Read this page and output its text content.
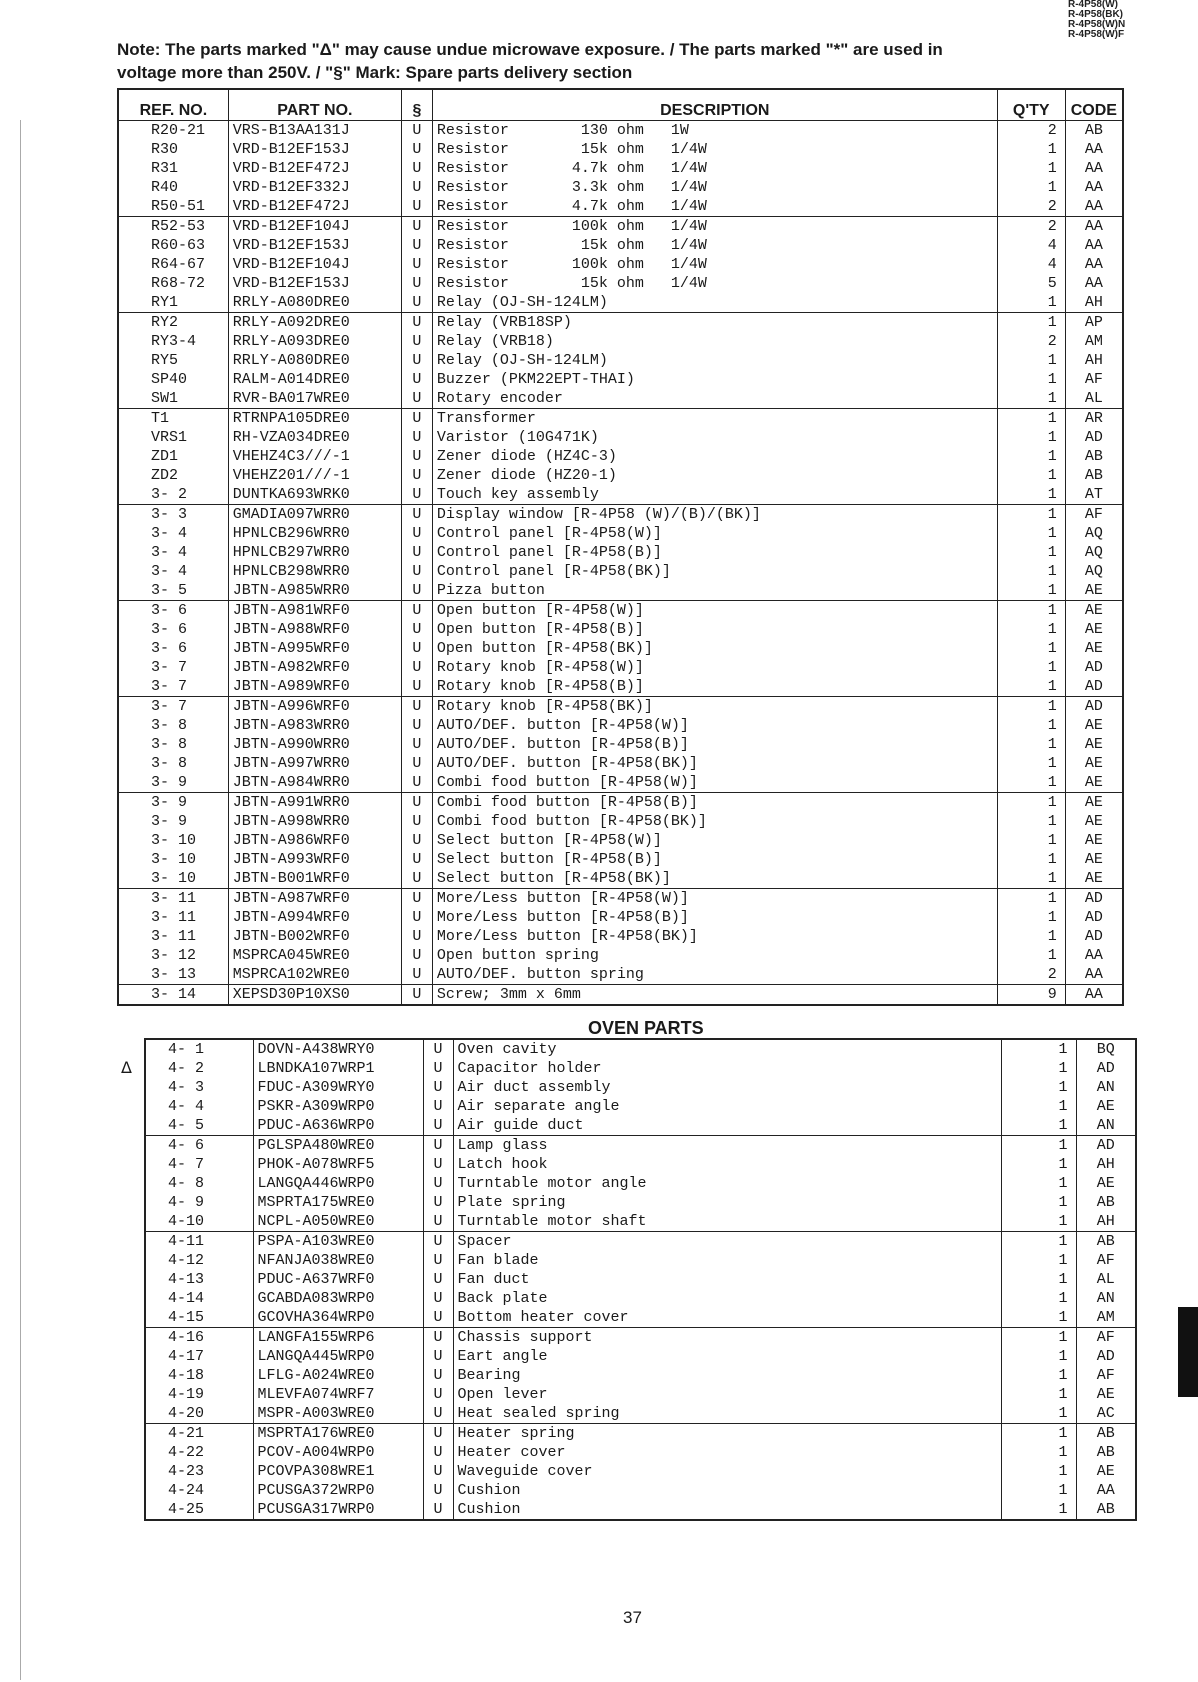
R-4P58(W)
R-4P58(BK)
R-4P58(W)N
R-4P58(W)F
Note: The parts marked "Δ" may cause undue microwave exposure. / The parts marked "*" are used in
voltage more than 250V. / "§" Mark: Spare parts delivery section
REF. NO.	PART NO.	§	DESCRIPTION	Q'TY	CODE
R20-21	VRS-B13AA131J	U	Resistor        130 ohm   1W	2	AB
R30	VRD-B12EF153J	U	Resistor        15k ohm   1/4W	1	AA
R31	VRD-B12EF472J	U	Resistor       4.7k ohm   1/4W	1	AA
R40	VRD-B12EF332J	U	Resistor       3.3k ohm   1/4W	1	AA
R50-51	VRD-B12EF472J	U	Resistor       4.7k ohm   1/4W	2	AA
R52-53	VRD-B12EF104J	U	Resistor       100k ohm   1/4W	2	AA
R60-63	VRD-B12EF153J	U	Resistor        15k ohm   1/4W	4	AA
R64-67	VRD-B12EF104J	U	Resistor       100k ohm   1/4W	4	AA
R68-72	VRD-B12EF153J	U	Resistor        15k ohm   1/4W	5	AA
RY1	RRLY-A080DRE0	U	Relay (OJ-SH-124LM)	1	AH
RY2	RRLY-A092DRE0	U	Relay (VRB18SP)	1	AP
RY3-4	RRLY-A093DRE0	U	Relay (VRB18)	2	AM
RY5	RRLY-A080DRE0	U	Relay (OJ-SH-124LM)	1	AH
SP40	RALM-A014DRE0	U	Buzzer (PKM22EPT-THAI)	1	AF
SW1	RVR-BA017WRE0	U	Rotary encoder	1	AL
T1	RTRNPA105DRE0	U	Transformer	1	AR
VRS1	RH-VZA034DRE0	U	Varistor (10G471K)	1	AD
ZD1	VHEHZ4C3///-1	U	Zener diode (HZ4C-3)	1	AB
ZD2	VHEHZ201///-1	U	Zener diode (HZ20-1)	1	AB
3- 2	DUNTKA693WRK0	U	Touch key assembly	1	AT
3- 3	GMADIA097WRR0	U	Display window [R-4P58 (W)/(B)/(BK)]	1	AF
3- 4	HPNLCB296WRR0	U	Control panel [R-4P58(W)]	1	AQ
3- 4	HPNLCB297WRR0	U	Control panel [R-4P58(B)]	1	AQ
3- 4	HPNLCB298WRR0	U	Control panel [R-4P58(BK)]	1	AQ
3- 5	JBTN-A985WRR0	U	Pizza button	1	AE
3- 6	JBTN-A981WRF0	U	Open button [R-4P58(W)]	1	AE
3- 6	JBTN-A988WRF0	U	Open button [R-4P58(B)]	1	AE
3- 6	JBTN-A995WRF0	U	Open button [R-4P58(BK)]	1	AE
3- 7	JBTN-A982WRF0	U	Rotary knob [R-4P58(W)]	1	AD
3- 7	JBTN-A989WRF0	U	Rotary knob [R-4P58(B)]	1	AD
3- 7	JBTN-A996WRF0	U	Rotary knob [R-4P58(BK)]	1	AD
3- 8	JBTN-A983WRR0	U	AUTO/DEF. button [R-4P58(W)]	1	AE
3- 8	JBTN-A990WRR0	U	AUTO/DEF. button [R-4P58(B)]	1	AE
3- 8	JBTN-A997WRR0	U	AUTO/DEF. button [R-4P58(BK)]	1	AE
3- 9	JBTN-A984WRR0	U	Combi food button [R-4P58(W)]	1	AE
3- 9	JBTN-A991WRR0	U	Combi food button [R-4P58(B)]	1	AE
3- 9	JBTN-A998WRR0	U	Combi food button [R-4P58(BK)]	1	AE
3- 10	JBTN-A986WRF0	U	Select button [R-4P58(W)]	1	AE
3- 10	JBTN-A993WRF0	U	Select button [R-4P58(B)]	1	AE
3- 10	JBTN-B001WRF0	U	Select button [R-4P58(BK)]	1	AE
3- 11	JBTN-A987WRF0	U	More/Less button [R-4P58(W)]	1	AD
3- 11	JBTN-A994WRF0	U	More/Less button [R-4P58(B)]	1	AD
3- 11	JBTN-B002WRF0	U	More/Less button [R-4P58(BK)]	1	AD
3- 12	MSPRCA045WRE0	U	Open button spring	1	AA
3- 13	MSPRCA102WRE0	U	AUTO/DEF. button spring	2	AA
3- 14	XEPSD30P10XS0	U	Screw; 3mm x 6mm	9	AA
OVEN PARTS
Δ
4- 1	DOVN-A438WRY0	U	Oven cavity	1	BQ
4- 2	LBNDKA107WRP1	U	Capacitor holder	1	AD
4- 3	FDUC-A309WRY0	U	Air duct assembly	1	AN
4- 4	PSKR-A309WRP0	U	Air separate angle	1	AE
4- 5	PDUC-A636WRP0	U	Air guide duct	1	AN
4- 6	PGLSPA480WRE0	U	Lamp glass	1	AD
4- 7	PHOK-A078WRF5	U	Latch hook	1	AH
4- 8	LANGQA446WRP0	U	Turntable motor angle	1	AE
4- 9	MSPRTA175WRE0	U	Plate spring	1	AB
4-10	NCPL-A050WRE0	U	Turntable motor shaft	1	AH
4-11	PSPA-A103WRE0	U	Spacer	1	AB
4-12	NFANJA038WRE0	U	Fan blade	1	AF
4-13	PDUC-A637WRF0	U	Fan duct	1	AL
4-14	GCABDA083WRP0	U	Back plate	1	AN
4-15	GCOVHA364WRP0	U	Bottom heater cover	1	AM
4-16	LANGFA155WRP6	U	Chassis support	1	AF
4-17	LANGQA445WRP0	U	Eart angle	1	AD
4-18	LFLG-A024WRE0	U	Bearing	1	AF
4-19	MLEVFA074WRF7	U	Open lever	1	AE
4-20	MSPR-A003WRE0	U	Heat sealed spring	1	AC
4-21	MSPRTA176WRE0	U	Heater spring	1	AB
4-22	PCOV-A004WRP0	U	Heater cover	1	AB
4-23	PCOVPA308WRE1	U	Waveguide cover	1	AE
4-24	PCUSGA372WRP0	U	Cushion	1	AA
4-25	PCUSGA317WRP0	U	Cushion	1	AB
37
